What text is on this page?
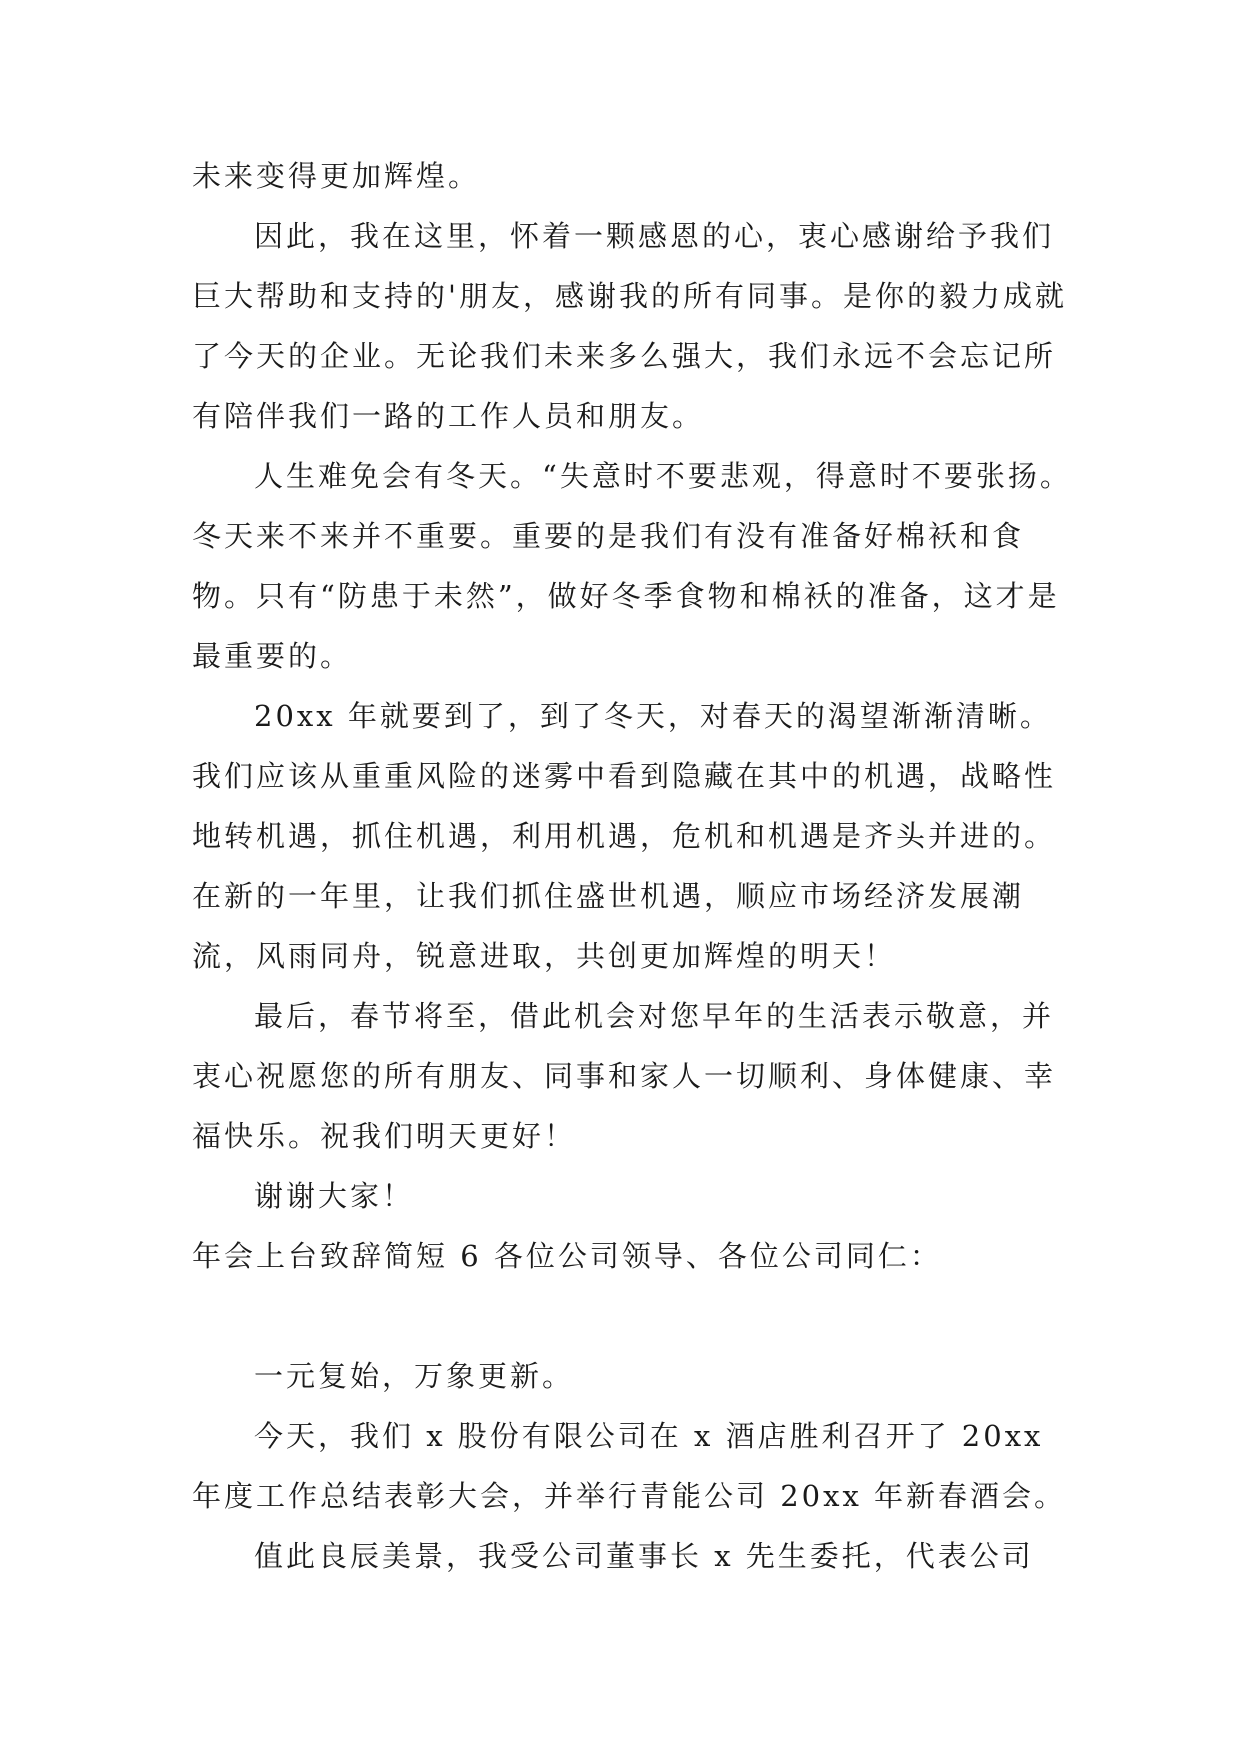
未来变得更加辉煌。

因此，我在这里，怀着一颗感恩的心，衷心感谢给予我们巨大帮助和支持的'朋友，感谢我的所有同事。是你的毅力成就了今天的企业。无论我们未来多么强大，我们永远不会忘记所有陪伴我们一路的工作人员和朋友。

人生难免会有冬天。“失意时不要悲观，得意时不要张扬。冬天来不来并不重要。重要的是我们有没有准备好棉袄和食物。只有“防患于未然”，做好冬季食物和棉袄的准备，这才是最重要的。

20xx 年就要到了，到了冬天，对春天的渴望渐渐清晰。我们应该从重重风险的迷雾中看到隐藏在其中的机遇，战略性地转机遇，抓住机遇，利用机遇，危机和机遇是齐头并进的。在新的一年里，让我们抓住盛世机遇，顺应市场经济发展潮流，风雨同舟，锐意进取，共创更加辉煌的明天！

最后，春节将至，借此机会对您早年的生活表示敬意，并衷心祝愿您的所有朋友、同事和家人一切顺利、身体健康、幸福快乐。祝我们明天更好！

谢谢大家！

年会上台致辞简短 6 各位公司领导、各位公司同仁：

一元复始，万象更新。

今天，我们 x 股份有限公司在 x 酒店胜利召开了 20xx 年度工作总结表彰大会，并举行青能公司 20xx 年新春酒会。

值此良辰美景，我受公司董事长 x 先生委托，代表公司
